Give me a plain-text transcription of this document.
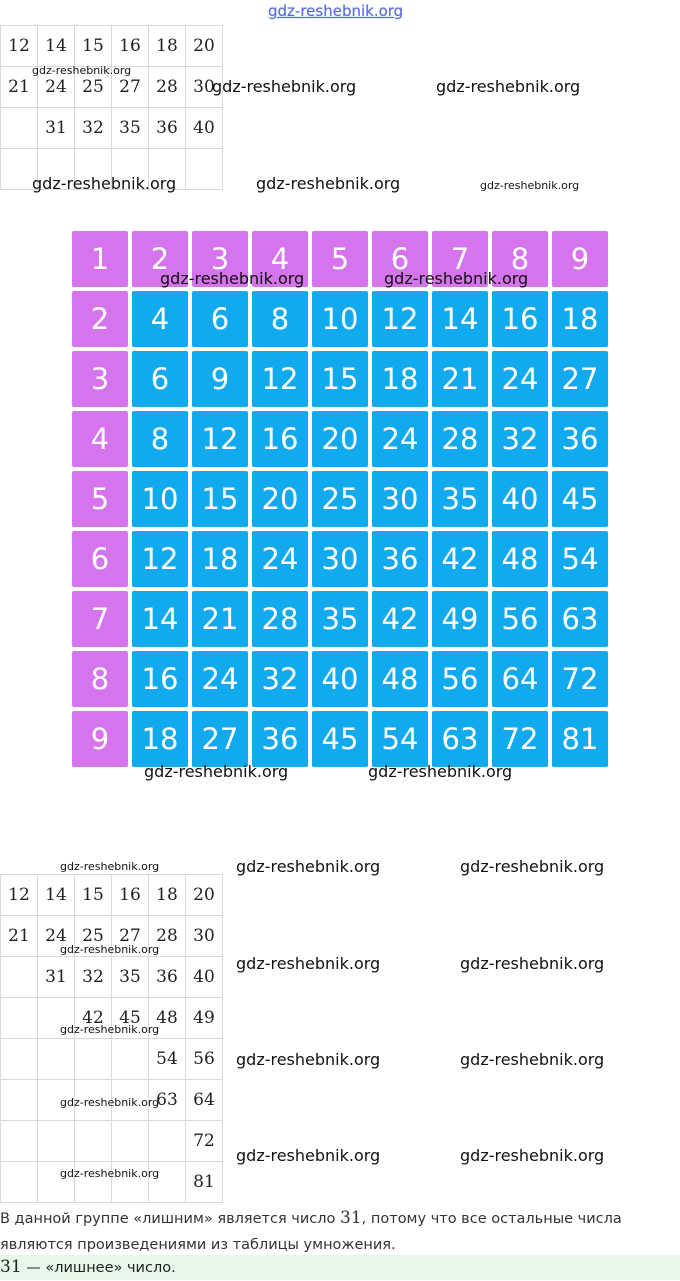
gdz-reshebnik.org
12	14	15	16	18	20
21	24	25	27	28	30
	31	32	35	36	40

gdz-reshebnik.org
gdz-reshebnik.org	gdz-reshebnik.org
gdz-reshebnik.org	gdz-reshebnik.org	gdz-reshebnik.org
1	2	3	4	5	6	7	8	9
2	4	6	8	10 12 14 16 18
3	6	9	12 15 18 21 24 27
4	8	12 16 20 24 28 32 36
5	10 15 20 25 30 35 40 45
6	12 18 24 30 36 42 48 54
7	14 21 28 35 42 49 56 63
8	16 24 32 40 48 56 64 72
9	18 27 36 45 54 63 72 81
gdz-reshebnik.org	gdz-reshebnik.org
gdz-reshebnik.org	gdz-reshebnik.org
12	14	15	16	18	20
21	24	25	27	28	30
	31	32	35	36	40
		42	45	48	49
				54	56
				63	64
					72
					81
gdz-reshebnik.org	gdz-reshebnik.org	gdz-reshebnik.org
gdz-reshebnik.org
gdz-reshebnik.org	gdz-reshebnik.org
gdz-reshebnik.org
gdz-reshebnik.org	gdz-reshebnik.org
gdz-reshebnik.org
gdz-reshebnik.org	gdz-reshebnik.org
gdz-reshebnik.org
В данной группе «лишним» является число 31, потому что все остальные числа
являются произведениями из таблицы умножения.
31 — «лишнее» число.
